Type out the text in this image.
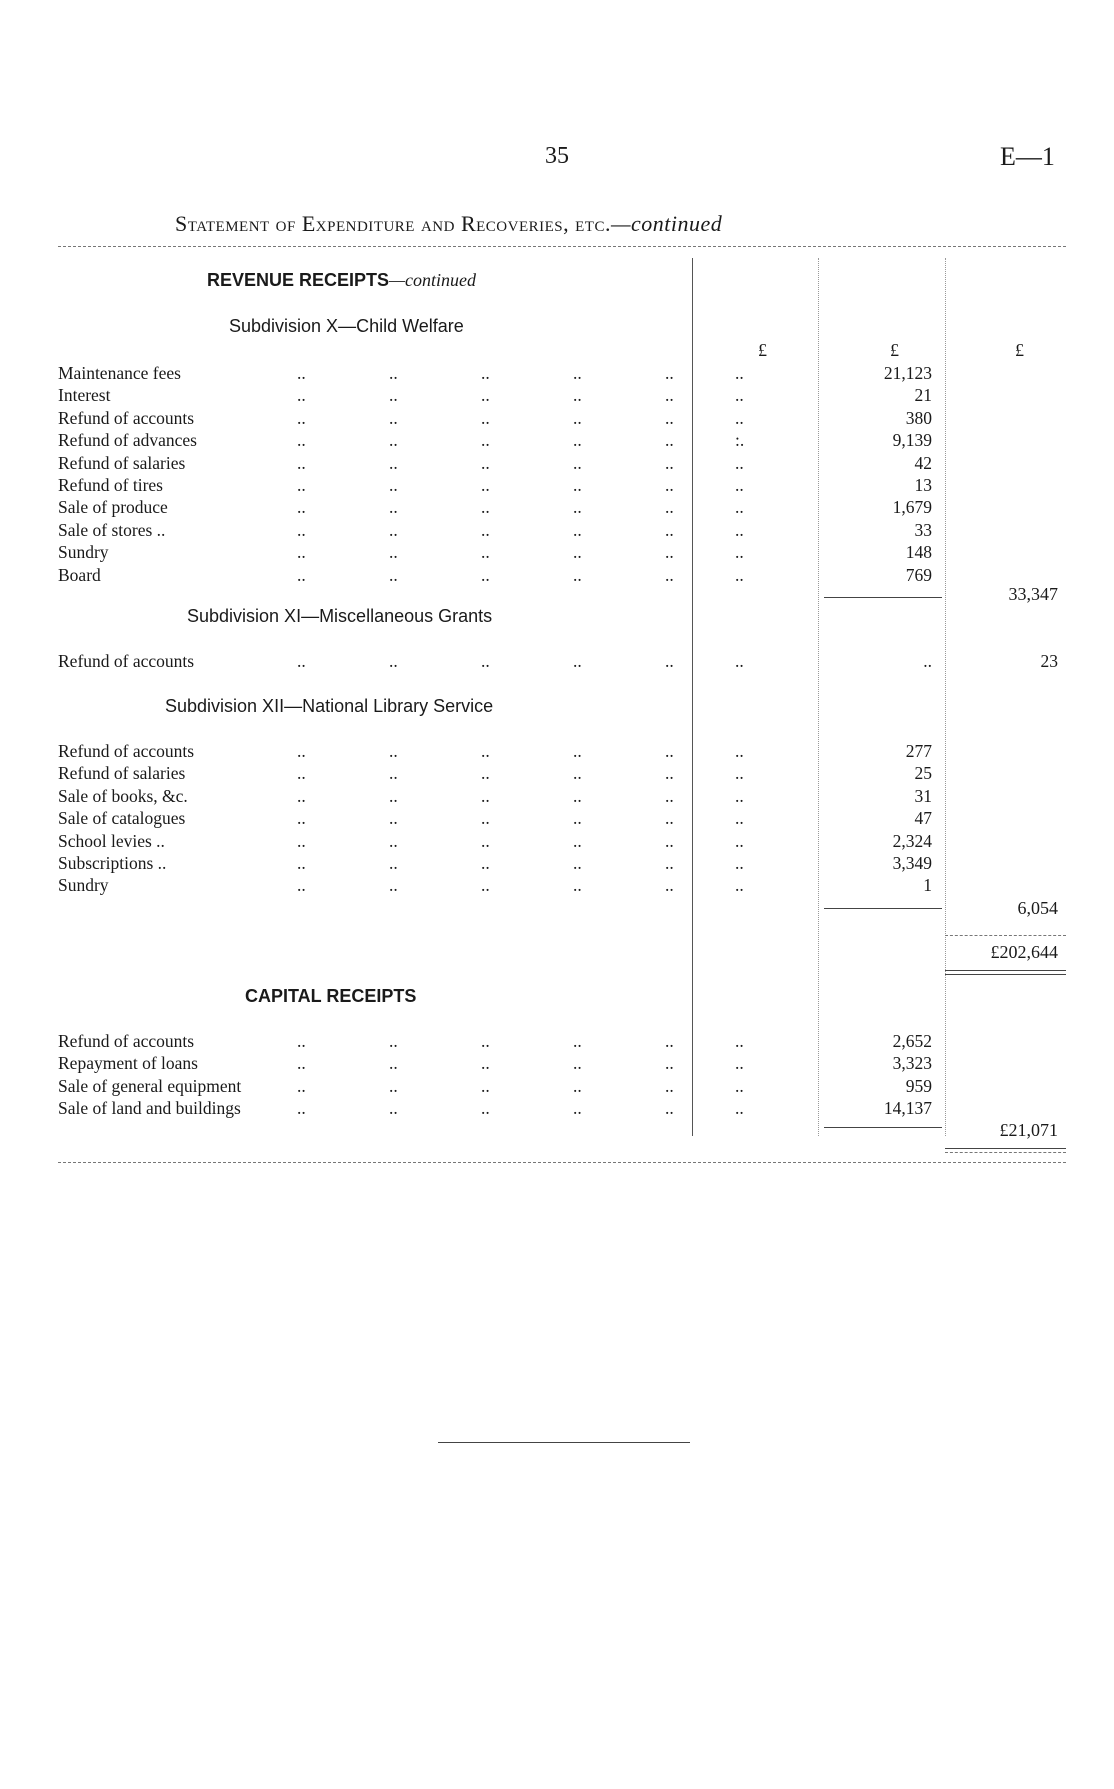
35	E—1
Statement of Expenditure and Recoveries, etc.—continued
REVENUE RECEIPTS—continued
Subdivision X—Child Welfare
£	£	£
Maintenance fees	..	..	..	..	..	..	21,123
Interest	..	..	..	..	..	..	21
Refund of accounts	..	..	..	..	..	..	380
Refund of advances	..	..	..	..	..	:.	9,139
Refund of salaries	..	..	..	..	..	..	42
Refund of tires	..	..	..	..	..	..	13
Sale of produce	..	..	..	..	..	..	1,679
Sale of stores ..	..	..	..	..	..	..	33
Sundry	..	..	..	..	..	..	148
Board	..	..	..	..	..	..	769
33,347
Subdivision XI—Miscellaneous Grants
Refund of accounts	..	..	..	..	..	..	..	23
Subdivision XII—National Library Service
Refund of accounts	..	..	..	..	..	..	277
Refund of salaries	..	..	..	..	..	..	25
Sale of books, &c.	..	..	..	..	..	..	31
Sale of catalogues	..	..	..	..	..	..	47
School levies ..	..	..	..	..	..	..	2,324
Subscriptions ..	..	..	..	..	..	..	3,349
Sundry	..	..	..	..	..	..	1
6,054
£202,644
CAPITAL RECEIPTS
Refund of accounts	..	..	..	..	..	..	2,652
Repayment of loans	..	..	..	..	..	..	3,323
Sale of general equipment	..	..	..	..	..	..	959
Sale of land and buildings	..	..	..	..	..	..	14,137
£21,071
